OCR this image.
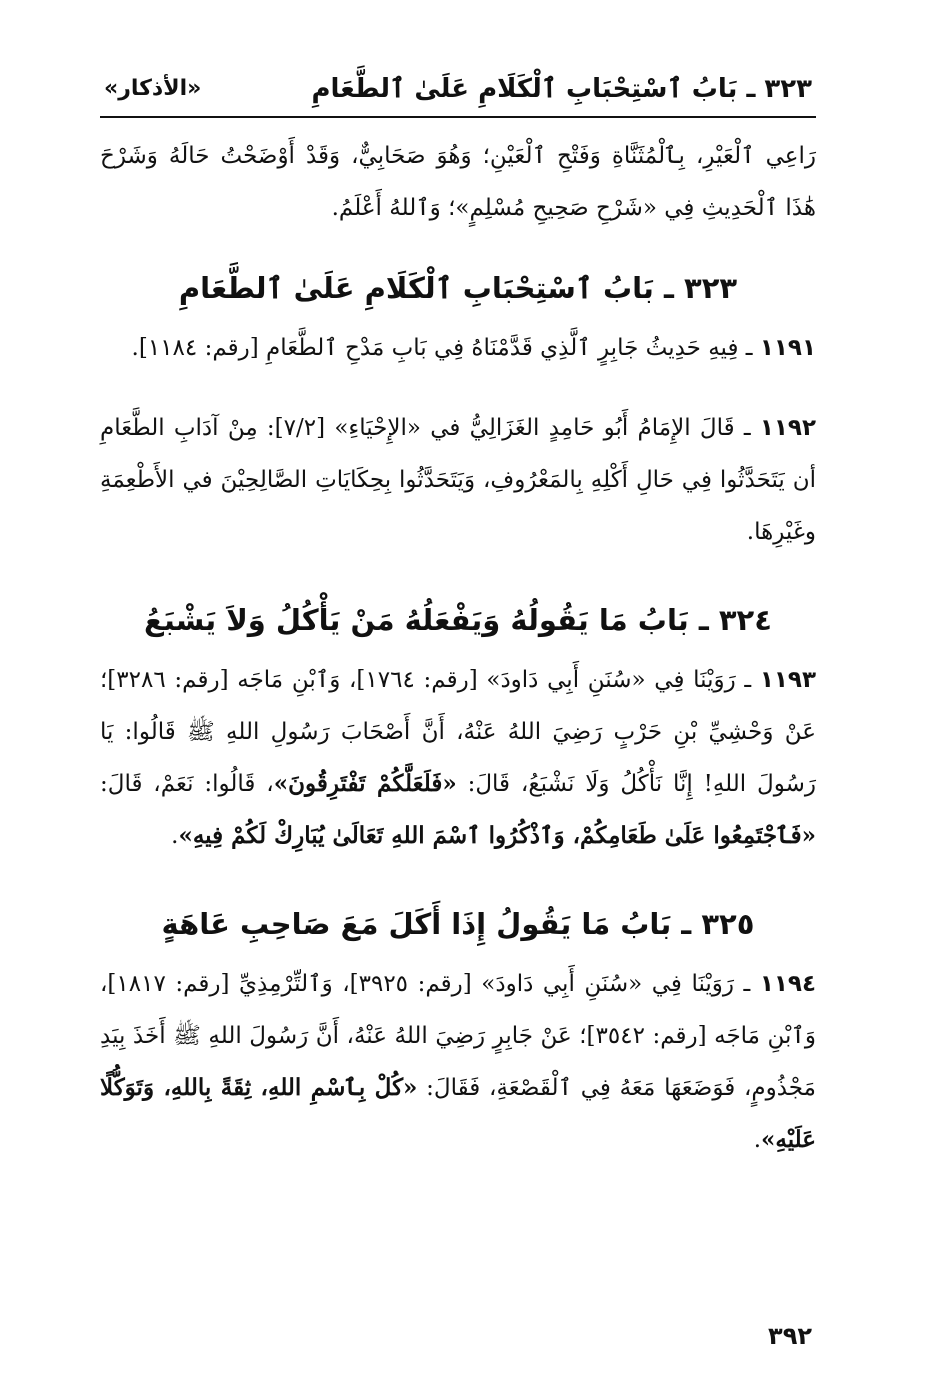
٣٢٣ ـ بَابُ ٱسْتِحْبَابِ ٱلْكَلَامِ عَلَىٰ ٱلطَّعَامِ
«الأذكار»

رَاعِي ٱلْعَيْرِ، بِٱلْمُثَنَّاةِ وَفَتْحِ ٱلْعَيْنِ؛ وَهُوَ صَحَابِيٌّ، وَقَدْ أَوْضَحْتُ حَالَهُ وَشَرْحَ هَٰذَا ٱلْحَدِيثِ فِي «شَرْحِ صَحِيحِ مُسْلِمٍ»؛ وَٱللهُ أَعْلَمُ.

٣٢٣ ـ بَابُ ٱسْتِحْبَابِ ٱلْكَلَامِ عَلَىٰ ٱلطَّعَامِ

١١٩١ ـ فِيهِ حَدِيثُ جَابِرٍ ٱلَّذِي قَدَّمْنَاهُ فِي بَابِ مَدْحِ ٱلطَّعَامِ [رقم: ١١٨٤].

١١٩٢ ـ قَالَ الإِمَامُ أَبُو حَامِدٍ الغَزَالِيُّ في «الإِحْيَاءِ» [٧/٢]: مِنْ آدَابِ الطَّعَامِ أن يَتَحَدَّثُوا فِي حَالِ أَكْلِهِ بِالمَعْرُوفِ، وَيَتَحَدَّثُوا بِحِكَايَاتِ الصَّالِحِيْنَ في الأَطْعِمَةِ وغَيْرِهَا.

٣٢٤ ـ بَابُ مَا يَقُولُهُ وَيَفْعَلُهُ مَنْ يَأْكُلُ وَلاَ يَشْبَعُ

١١٩٣ ـ رَوَيْنَا فِي «سُنَنِ أَبِي دَاودَ» [رقم: ١٧٦٤]، وَٱبْنِ مَاجَه [رقم: ٣٢٨٦]؛ عَنْ وَحْشِيِّ بْنِ حَرْبٍ رَضِيَ اللهُ عَنْهُ، أَنَّ أَصْحَابَ رَسُولِ اللهِ ﷺ قَالُوا: يَا رَسُولَ اللهِ! إِنَّا نَأْكُلُ وَلَا نَشْبَعُ، قَالَ: «فَلَعَلَّكُمْ تَفْتَرِقُونَ»، قَالُوا: نَعَمْ، قَالَ: «فَٱجْتَمِعُوا عَلَىٰ طَعَامِكُمْ، وَٱذْكُرُوا ٱسْمَ اللهِ تَعَالَىٰ يُبَارِكْ لَكُمْ فِيهِ».

٣٢٥ ـ بَابُ مَا يَقُولُ إِذَا أَكَلَ مَعَ صَاحِبِ عَاهَةٍ

١١٩٤ ـ رَوَيْنَا فِي «سُنَنِ أَبِي دَاودَ» [رقم: ٣٩٢٥]، وَٱلتِّرْمِذِيِّ [رقم: ١٨١٧]، وَٱبْنِ مَاجَه [رقم: ٣٥٤٢]؛ عَنْ جَابِرٍ رَضِيَ اللهُ عَنْهُ، أَنَّ رَسُولَ اللهِ ﷺ أَخَذَ بِيَدِ مَجْذُومٍ، فَوَضَعَهَا مَعَهُ فِي ٱلْقَصْعَةِ، فَقَالَ: «كُلْ بِٱسْمِ اللهِ، ثِقَةً بِاللهِ، وَتَوَكُّلًا عَلَيْهِ».

٣٩٢
